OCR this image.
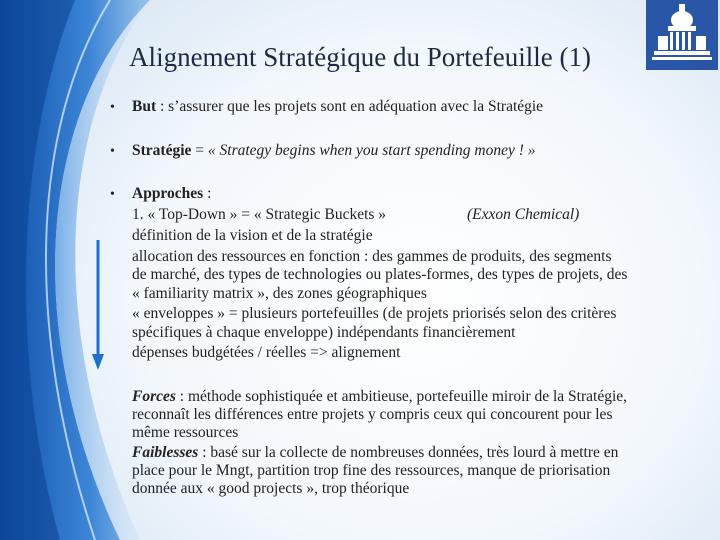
Alignement Stratégique du Portefeuille (1)
• But : s’assurer que les projets sont en adéquation avec la Stratégie
• Stratégie = « Strategy begins when you start spending money ! »
• Approches :
1. « Top-Down » = « Strategic Buckets »	(Exxon Chemical)
définition de la vision et de la stratégie
allocation des ressources en fonction : des gammes de produits, des segments
de marché, des types de technologies ou plates-formes, des types de projets, des
« familiarity matrix », des zones géographiques
« enveloppes » = plusieurs portefeuilles (de projets priorisés selon des critères
spécifiques à chaque enveloppe) indépendants financièrement
dépenses budgétées / réelles => alignement
Forces : méthode sophistiquée et ambitieuse, portefeuille miroir de la Stratégie,
reconnaît les différences entre projets y compris ceux qui concourent pour les
même ressources
Faiblesses : basé sur la collecte de nombreuses données, très lourd à mettre en
place pour le Mngt, partition trop fine des ressources, manque de priorisation
donnée aux « good projects », trop théorique
